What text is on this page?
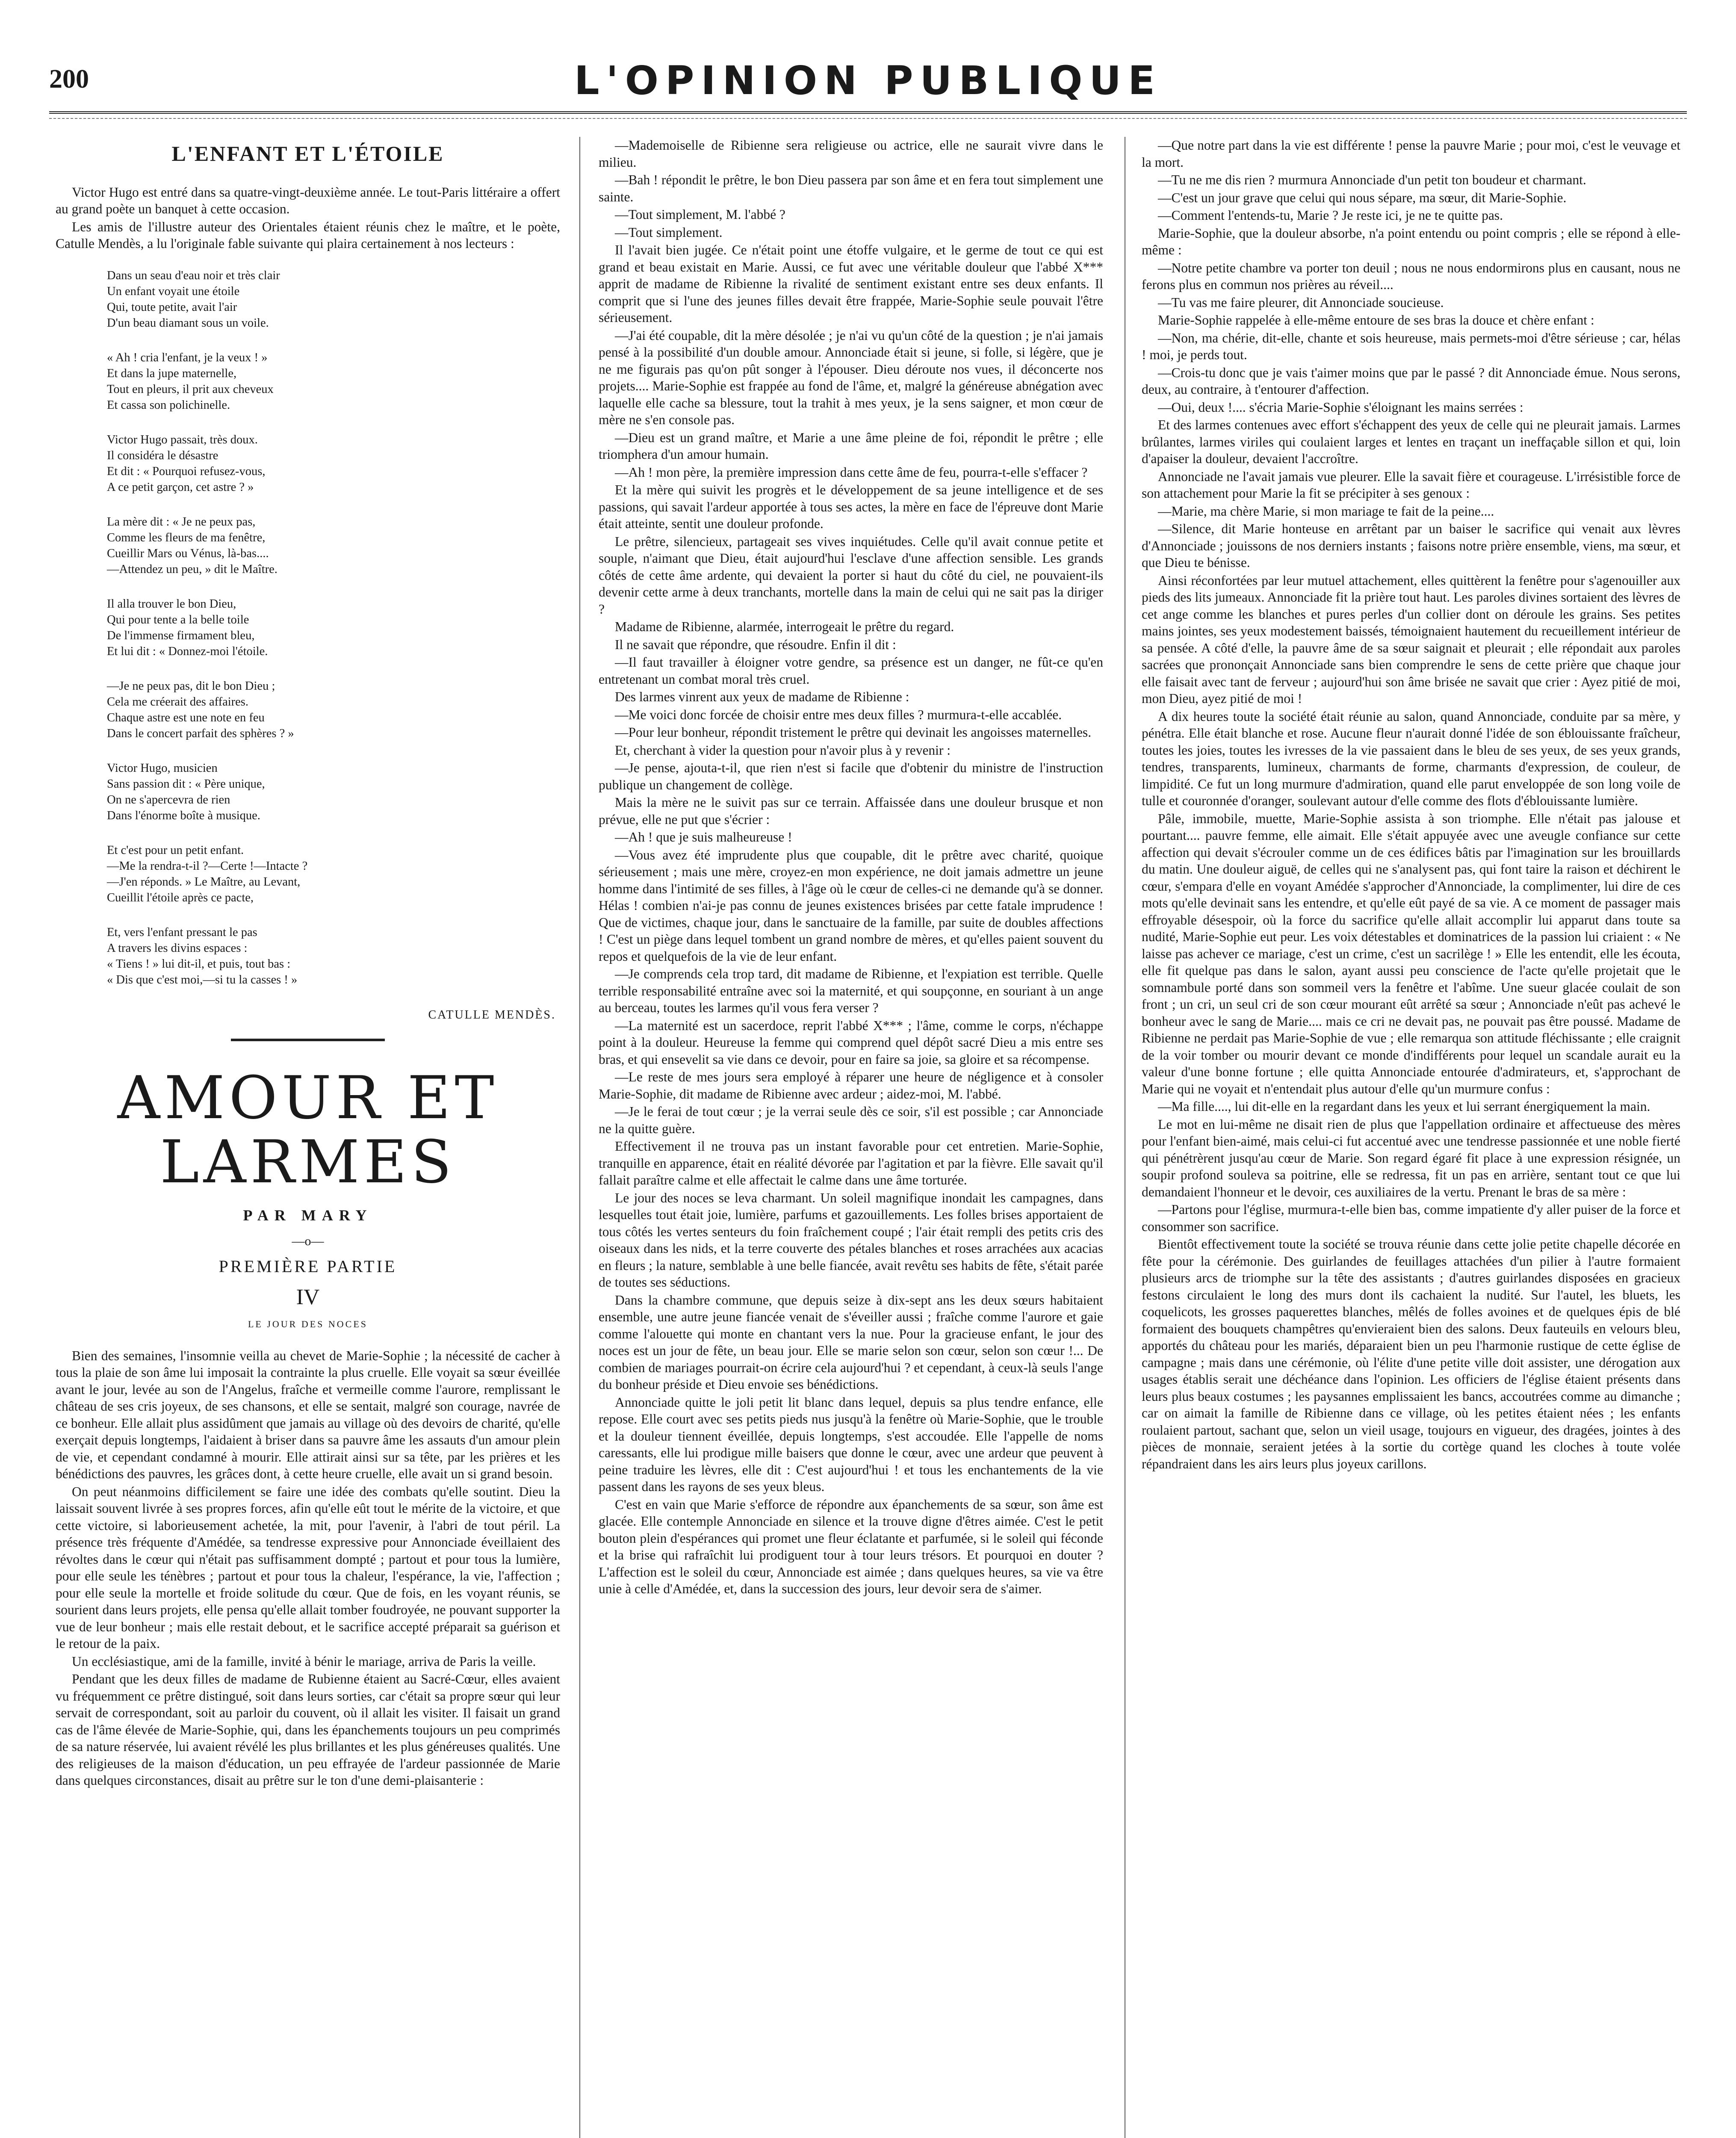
200	L'OPINION PUBLIQUE
L'ENFANT ET L'ÉTOILE

Victor Hugo est entré dans sa quatre-vingt-deuxième année. Le tout-Paris littéraire a offert au grand poète un banquet à cette occasion.

Les amis de l'illustre auteur des Orientales étaient réunis chez le maître, et le poète, Catulle Mendès, a lu l'originale fable suivante qui plaira certainement à nos lecteurs :

Dans un seau d'eau noir et très clair
Un enfant voyait une étoile
Qui, toute petite, avait l'air
D'un beau diamant sous un voile.
« Ah ! cria l'enfant, je la veux ! »
Et dans la jupe maternelle,
Tout en pleurs, il prit aux cheveux
Et cassa son polichinelle.
Victor Hugo passait, très doux.
Il considéra le désastre
Et dit : « Pourquoi refusez-vous,
A ce petit garçon, cet astre ? »
La mère dit : « Je ne peux pas,
Comme les fleurs de ma fenêtre,
Cueillir Mars ou Vénus, là-bas....
—Attendez un peu, » dit le Maître.
Il alla trouver le bon Dieu,
Qui pour tente a la belle toile
De l'immense firmament bleu,
Et lui dit : « Donnez-moi l'étoile.
—Je ne peux pas, dit le bon Dieu ;
Cela me créerait des affaires.
Chaque astre est une note en feu
Dans le concert parfait des sphères ? »
Victor Hugo, musicien
Sans passion dit : « Père unique,
On ne s'apercevra de rien
Dans l'énorme boîte à musique.
Et c'est pour un petit enfant.
—Me la rendra-t-il ?—Certe !—Intacte ?
—J'en réponds. » Le Maître, au Levant,
Cueillit l'étoile après ce pacte,
Et, vers l'enfant pressant le pas
A travers les divins espaces :
« Tiens ! » lui dit-il, et puis, tout bas :
« Dis que c'est moi,—si tu la casses ! »
CATULLE MENDÈS.
AMOUR ET LARMES
PAR MARY
—o—
PREMIÈRE PARTIE
IV
LE JOUR DES NOCES

Bien des semaines, l'insomnie veilla au chevet de Marie-Sophie ; la nécessité de cacher à tous la plaie de son âme lui imposait la contrainte la plus cruelle. Elle voyait sa sœur éveillée avant le jour, levée au son de l'Angelus, fraîche et vermeille comme l'aurore, remplissant le château de ses cris joyeux, de ses chansons, et elle se sentait, malgré son courage, navrée de ce bonheur. Elle allait plus assidûment que jamais au village où des devoirs de charité, qu'elle exerçait depuis longtemps, l'aidaient à briser dans sa pauvre âme les assauts d'un amour plein de vie, et cependant condamné à mourir. Elle attirait ainsi sur sa tête, par les prières et les bénédictions des pauvres, les grâces dont, à cette heure cruelle, elle avait un si grand besoin.

On peut néanmoins difficilement se faire une idée des combats qu'elle soutint. Dieu la laissait souvent livrée à ses propres forces, afin qu'elle eût tout le mérite de la victoire, et que cette victoire, si laborieusement achetée, la mit, pour l'avenir, à l'abri de tout péril. La présence très fréquente d'Amédée, sa tendresse expressive pour Annonciade éveillaient des révoltes dans le cœur qui n'était pas suffisamment dompté ; partout et pour tous la lumière, pour elle seule les ténèbres ; partout et pour tous la chaleur, l'espérance, la vie, l'affection ; pour elle seule la mortelle et froide solitude du cœur. Que de fois, en les voyant réunis, se sourient dans leurs projets, elle pensa qu'elle allait tomber foudroyée, ne pouvant supporter la vue de leur bonheur ; mais elle restait debout, et le sacrifice accepté préparait sa guérison et le retour de la paix.

Un ecclésiastique, ami de la famille, invité à bénir le mariage, arriva de Paris la veille.

Pendant que les deux filles de madame de Rubienne étaient au Sacré-Cœur, elles avaient vu fréquemment ce prêtre distingué, soit dans leurs sorties, car c'était sa propre sœur qui leur servait de correspondant, soit au parloir du couvent, où il allait les visiter. Il faisait un grand cas de l'âme élevée de Marie-Sophie, qui, dans les épanchements toujours un peu comprimés de sa nature réservée, lui avaient révélé les plus brillantes et les plus généreuses qualités. Une des religieuses de la maison d'éducation, un peu effrayée de l'ardeur passionnée de Marie dans quelques circonstances, disait au prêtre sur le ton d'une demi-plaisanterie :

—Mademoiselle de Ribienne sera religieuse ou actrice, elle ne saurait vivre dans le milieu.

—Bah ! répondit le prêtre, le bon Dieu passera par son âme et en fera tout simplement une sainte.

—Tout simplement, M. l'abbé ?

—Tout simplement.

Il l'avait bien jugée. Ce n'était point une étoffe vulgaire, et le germe de tout ce qui est grand et beau existait en Marie. Aussi, ce fut avec une véritable douleur que l'abbé X*** apprit de madame de Ribienne la rivalité de sentiment existant entre ses deux enfants. Il comprit que si l'une des jeunes filles devait être frappée, Marie-Sophie seule pouvait l'être sérieusement.

—J'ai été coupable, dit la mère désolée ; je n'ai vu qu'un côté de la question ; je n'ai jamais pensé à la possibilité d'un double amour. Annonciade était si jeune, si folle, si légère, que je ne me figurais pas qu'on pût songer à l'épouser. Dieu déroute nos vues, il déconcerte nos projets.... Marie-Sophie est frappée au fond de l'âme, et, malgré la généreuse abnégation avec laquelle elle cache sa blessure, tout la trahit à mes yeux, je la sens saigner, et mon cœur de mère ne s'en console pas.

—Dieu est un grand maître, et Marie a une âme pleine de foi, répondit le prêtre ; elle triomphera d'un amour humain.

—Ah ! mon père, la première impression dans cette âme de feu, pourra-t-elle s'effacer ?

Et la mère qui suivit les progrès et le développement de sa jeune intelligence et de ses passions, qui savait l'ardeur apportée à tous ses actes, la mère en face de l'épreuve dont Marie était atteinte, sentit une douleur profonde.

Le prêtre, silencieux, partageait ses vives inquiétudes. Celle qu'il avait connue petite et souple, n'aimant que Dieu, était aujourd'hui l'esclave d'une affection sensible. Les grands côtés de cette âme ardente, qui devaient la porter si haut du côté du ciel, ne pouvaient-ils devenir cette arme à deux tranchants, mortelle dans la main de celui qui ne sait pas la diriger ?

Madame de Ribienne, alarmée, interrogeait le prêtre du regard.

Il ne savait que répondre, que résoudre. Enfin il dit :

—Il faut travailler à éloigner votre gendre, sa présence est un danger, ne fût-ce qu'en entretenant un combat moral très cruel.

Des larmes vinrent aux yeux de madame de Ribienne :

—Me voici donc forcée de choisir entre mes deux filles ? murmura-t-elle accablée.

—Pour leur bonheur, répondit tristement le prêtre qui devinait les angoisses maternelles.

Et, cherchant à vider la question pour n'avoir plus à y revenir :

—Je pense, ajouta-t-il, que rien n'est si facile que d'obtenir du ministre de l'instruction publique un changement de collège.

Mais la mère ne le suivit pas sur ce terrain. Affaissée dans une douleur brusque et non prévue, elle ne put que s'écrier :

—Ah ! que je suis malheureuse !

—Vous avez été imprudente plus que coupable, dit le prêtre avec charité, quoique sérieusement ; mais une mère, croyez-en mon expérience, ne doit jamais admettre un jeune homme dans l'intimité de ses filles, à l'âge où le cœur de celles-ci ne demande qu'à se donner. Hélas ! combien n'ai-je pas connu de jeunes existences brisées par cette fatale imprudence ! Que de victimes, chaque jour, dans le sanctuaire de la famille, par suite de doubles affections ! C'est un piège dans lequel tombent un grand nombre de mères, et qu'elles paient souvent du repos et quelquefois de la vie de leur enfant.

—Je comprends cela trop tard, dit madame de Ribienne, et l'expiation est terrible. Quelle terrible responsabilité entraîne avec soi la maternité, et qui soupçonne, en souriant à un ange au berceau, toutes les larmes qu'il vous fera verser ?

—La maternité est un sacerdoce, reprit l'abbé X*** ; l'âme, comme le corps, n'échappe point à la douleur. Heureuse la femme qui comprend quel dépôt sacré Dieu a mis entre ses bras, et qui ensevelit sa vie dans ce devoir, pour en faire sa joie, sa gloire et sa récompense.

—Le reste de mes jours sera employé à réparer une heure de négligence et à consoler Marie-Sophie, dit madame de Ribienne avec ardeur ; aidez-moi, M. l'abbé.

—Je le ferai de tout cœur ; je la verrai seule dès ce soir, s'il est possible ; car Annonciade ne la quitte guère.

Effectivement il ne trouva pas un instant favorable pour cet entretien. Marie-Sophie, tranquille en apparence, était en réalité dévorée par l'agitation et par la fièvre. Elle savait qu'il fallait paraître calme et elle affectait le calme dans une âme torturée.

Le jour des noces se leva charmant. Un soleil magnifique inondait les campagnes, dans lesquelles tout était joie, lumière, parfums et gazouillements. Les folles brises apportaient de tous côtés les vertes senteurs du foin fraîchement coupé ; l'air était rempli des petits cris des oiseaux dans les nids, et la terre couverte des pétales blanches et roses arrachées aux acacias en fleurs ; la nature, semblable à une belle fiancée, avait revêtu ses habits de fête, s'était parée de toutes ses séductions.

Dans la chambre commune, que depuis seize à dix-sept ans les deux sœurs habitaient ensemble, une autre jeune fiancée venait de s'éveiller aussi ; fraîche comme l'aurore et gaie comme l'alouette qui monte en chantant vers la nue. Pour la gracieuse enfant, le jour des noces est un jour de fête, un beau jour. Elle se marie selon son cœur, selon son cœur !... De combien de mariages pourrait-on écrire cela aujourd'hui ? et cependant, à ceux-là seuls l'ange du bonheur préside et Dieu envoie ses bénédictions.

Annonciade quitte le joli petit lit blanc dans lequel, depuis sa plus tendre enfance, elle repose. Elle court avec ses petits pieds nus jusqu'à la fenêtre où Marie-Sophie, que le trouble et la douleur tiennent éveillée, depuis longtemps, s'est accoudée. Elle l'appelle de noms caressants, elle lui prodigue mille baisers que donne le cœur, avec une ardeur que peuvent à peine traduire les lèvres, elle dit : C'est aujourd'hui ! et tous les enchantements de la vie passent dans les rayons de ses yeux bleus.

C'est en vain que Marie s'efforce de répondre aux épanchements de sa sœur, son âme est glacée. Elle contemple Annonciade en silence et la trouve digne d'êtres aimée. C'est le petit bouton plein d'espérances qui promet une fleur éclatante et parfumée, si le soleil qui féconde et la brise qui rafraîchit lui prodiguent tour à tour leurs trésors. Et pourquoi en douter ? L'affection est le soleil du cœur, Annonciade est aimée ; dans quelques heures, sa vie va être unie à celle d'Amédée, et, dans la succession des jours, leur devoir sera de s'aimer.

—Que notre part dans la vie est différente ! pense la pauvre Marie ; pour moi, c'est le veuvage et la mort.

—Tu ne me dis rien ? murmura Annonciade d'un petit ton boudeur et charmant.

—C'est un jour grave que celui qui nous sépare, ma sœur, dit Marie-Sophie.

—Comment l'entends-tu, Marie ? Je reste ici, je ne te quitte pas.

Marie-Sophie, que la douleur absorbe, n'a point entendu ou point compris ; elle se répond à elle-même :

—Notre petite chambre va porter ton deuil ; nous ne nous endormirons plus en causant, nous ne ferons plus en commun nos prières au réveil....

—Tu vas me faire pleurer, dit Annonciade soucieuse.

Marie-Sophie rappelée à elle-même entoure de ses bras la douce et chère enfant :

—Non, ma chérie, dit-elle, chante et sois heureuse, mais permets-moi d'être sérieuse ; car, hélas ! moi, je perds tout.

—Crois-tu donc que je vais t'aimer moins que par le passé ? dit Annonciade émue. Nous serons, deux, au contraire, à t'entourer d'affection.

—Oui, deux !.... s'écria Marie-Sophie s'éloignant les mains serrées :

Et des larmes contenues avec effort s'échappent des yeux de celle qui ne pleurait jamais. Larmes brûlantes, larmes viriles qui coulaient larges et lentes en traçant un ineffaçable sillon et qui, loin d'apaiser la douleur, devaient l'accroître.

Annonciade ne l'avait jamais vue pleurer. Elle la savait fière et courageuse. L'irrésistible force de son attachement pour Marie la fit se précipiter à ses genoux :

—Marie, ma chère Marie, si mon mariage te fait de la peine....

—Silence, dit Marie honteuse en arrêtant par un baiser le sacrifice qui venait aux lèvres d'Annonciade ; jouissons de nos derniers instants ; faisons notre prière ensemble, viens, ma sœur, et que Dieu te bénisse.

Ainsi réconfortées par leur mutuel attachement, elles quittèrent la fenêtre pour s'agenouiller aux pieds des lits jumeaux. Annonciade fit la prière tout haut. Les paroles divines sortaient des lèvres de cet ange comme les blanches et pures perles d'un collier dont on déroule les grains. Ses petites mains jointes, ses yeux modestement baissés, témoignaient hautement du recueillement intérieur de sa pensée. A côté d'elle, la pauvre âme de sa sœur saignait et pleurait ; elle répondait aux paroles sacrées que prononçait Annonciade sans bien comprendre le sens de cette prière que chaque jour elle faisait avec tant de ferveur ; aujourd'hui son âme brisée ne savait que crier : Ayez pitié de moi, mon Dieu, ayez pitié de moi !

A dix heures toute la société était réunie au salon, quand Annonciade, conduite par sa mère, y pénétra. Elle était blanche et rose. Aucune fleur n'aurait donné l'idée de son éblouissante fraîcheur, toutes les joies, toutes les ivresses de la vie passaient dans le bleu de ses yeux, de ses yeux grands, tendres, transparents, lumineux, charmants de forme, charmants d'expression, de couleur, de limpidité. Ce fut un long murmure d'admiration, quand elle parut enveloppée de son long voile de tulle et couronnée d'oranger, soulevant autour d'elle comme des flots d'éblouissante lumière.

Pâle, immobile, muette, Marie-Sophie assista à son triomphe. Elle n'était pas jalouse et pourtant.... pauvre femme, elle aimait. Elle s'était appuyée avec une aveugle confiance sur cette affection qui devait s'écrouler comme un de ces édifices bâtis par l'imagination sur les brouillards du matin. Une douleur aiguë, de celles qui ne s'analysent pas, qui font taire la raison et déchirent le cœur, s'empara d'elle en voyant Amédée s'approcher d'Annonciade, la complimenter, lui dire de ces mots qu'elle devinait sans les entendre, et qu'elle eût payé de sa vie. A ce moment de passager mais effroyable désespoir, où la force du sacrifice qu'elle allait accomplir lui apparut dans toute sa nudité, Marie-Sophie eut peur. Les voix détestables et dominatrices de la passion lui criaient : « Ne laisse pas achever ce mariage, c'est un crime, c'est un sacrilège ! » Elle les entendit, elle les écouta, elle fit quelque pas dans le salon, ayant aussi peu conscience de l'acte qu'elle projetait que le somnambule porté dans son sommeil vers la fenêtre et l'abîme. Une sueur glacée coulait de son front ; un cri, un seul cri de son cœur mourant eût arrêté sa sœur ; Annonciade n'eût pas achevé le bonheur avec le sang de Marie.... mais ce cri ne devait pas, ne pouvait pas être poussé. Madame de Ribienne ne perdait pas Marie-Sophie de vue ; elle remarqua son attitude fléchissante ; elle craignit de la voir tomber ou mourir devant ce monde d'indifférents pour lequel un scandale aurait eu la valeur d'une bonne fortune ; elle quitta Annonciade entourée d'admirateurs, et, s'approchant de Marie qui ne voyait et n'entendait plus autour d'elle qu'un murmure confus :

—Ma fille...., lui dit-elle en la regardant dans les yeux et lui serrant énergiquement la main.

Le mot en lui-même ne disait rien de plus que l'appellation ordinaire et affectueuse des mères pour l'enfant bien-aimé, mais celui-ci fut accentué avec une tendresse passionnée et une noble fierté qui pénétrèrent jusqu'au cœur de Marie. Son regard égaré fit place à une expression résignée, un soupir profond souleva sa poitrine, elle se redressa, fit un pas en arrière, sentant tout ce que lui demandaient l'honneur et le devoir, ces auxiliaires de la vertu. Prenant le bras de sa mère :

—Partons pour l'église, murmura-t-elle bien bas, comme impatiente d'y aller puiser de la force et consommer son sacrifice.

Bientôt effectivement toute la société se trouva réunie dans cette jolie petite chapelle décorée en fête pour la cérémonie. Des guirlandes de feuillages attachées d'un pilier à l'autre formaient plusieurs arcs de triomphe sur la tête des assistants ; d'autres guirlandes disposées en gracieux festons circulaient le long des murs dont ils cachaient la nudité. Sur l'autel, les bluets, les coquelicots, les grosses paquerettes blanches, mêlés de folles avoines et de quelques épis de blé formaient des bouquets champêtres qu'envieraient bien des salons. Deux fauteuils en velours bleu, apportés du château pour les mariés, déparaient bien un peu l'harmonie rustique de cette église de campagne ; mais dans une cérémonie, où l'élite d'une petite ville doit assister, une dérogation aux usages établis serait une déchéance dans l'opinion. Les officiers de l'église étaient présents dans leurs plus beaux costumes ; les paysannes emplissaient les bancs, accoutrées comme au dimanche ; car on aimait la famille de Ribienne dans ce village, où les petites étaient nées ; les enfants roulaient partout, sachant que, selon un vieil usage, toujours en vigueur, des dragées, jointes à des pièces de monnaie, seraient jetées à la sortie du cortège quand les cloches à toute volée répandraient dans les airs leurs plus joyeux carillons.
